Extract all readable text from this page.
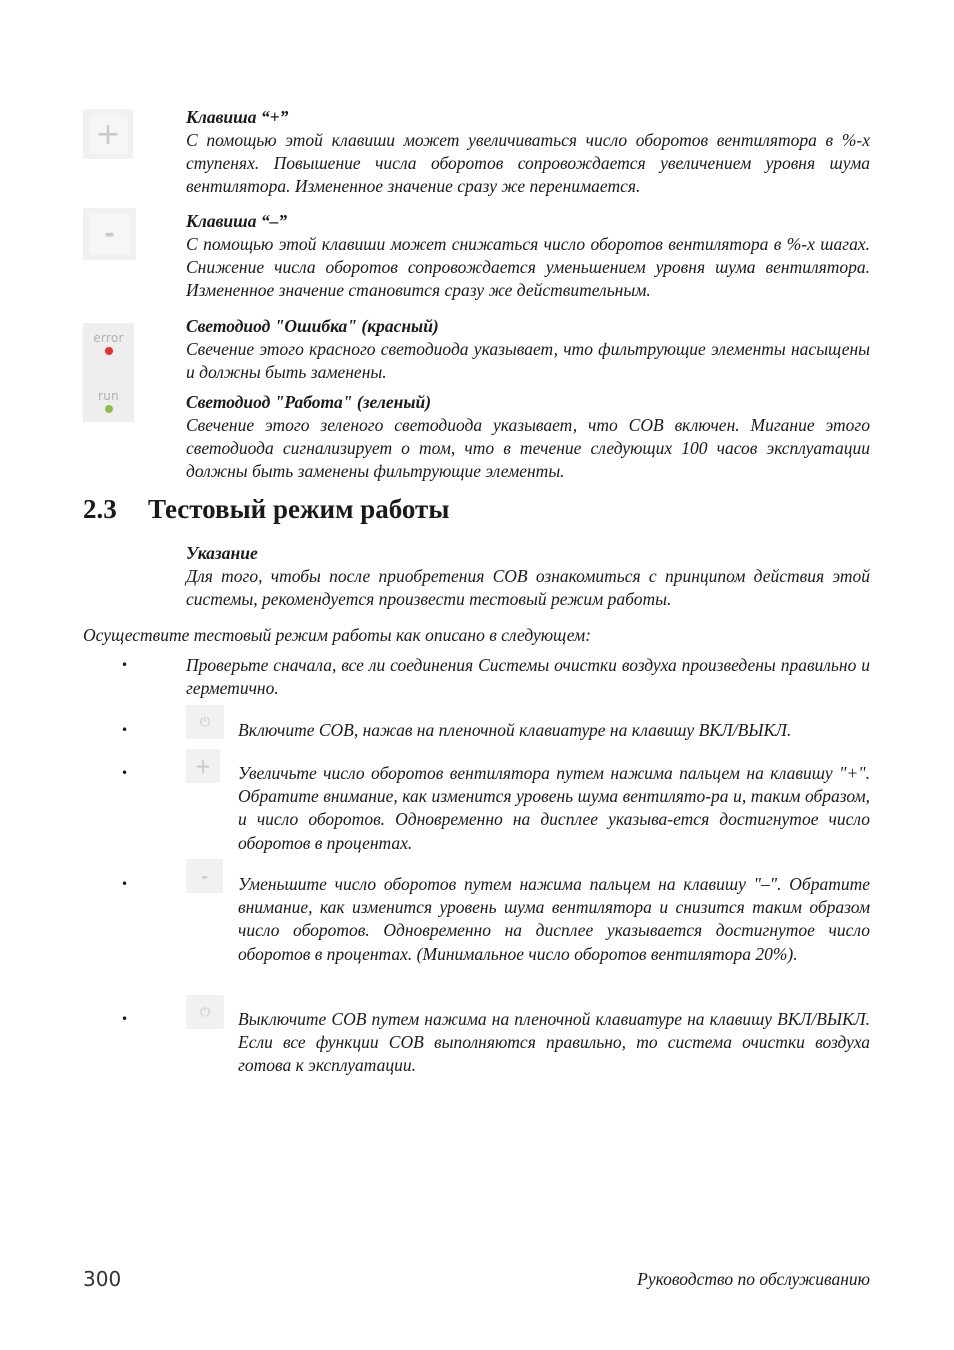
+	Клавиша “+”

С помощью этой клавиши может увеличиваться число оборотов вентилятора в %-х ступенях. Повышение числа оборотов сопровождается увеличением уровня шума вентилятора. Измененное значение сразу же перенимается.

-	Клавиша “–”

С помощью этой клавиши может снижаться число оборотов вентилятора в %-х шагах. Снижение числа оборотов сопровождается уменьшением уровня шума вентилятора. Измененное значение становится сразу же действительным.

error
run
Светодиод "Ошибка" (красный)

Свечение этого красного светодиода указывает, что фильтрующие элементы насыщены и должны быть заменены.

Светодиод "Работа" (зеленый)

Свечение этого зеленого светодиода указывает, что СОВ включен. Мигание этого светодиода сигнализирует о том, что в течение следующих 100 часов эксплуатации должны быть заменены фильтрующие элементы.

2.3 Тестовый режим работы
Указание

Для того, чтобы после приобретения СОВ ознакомиться с принципом действия этой системы, рекомендуется произвести тестовый режим работы.

Осуществите тестовый режим работы как описано в следующем:
•	Проверьте сначала, все ли соединения Системы очистки воздуха произведены правильно и герметично.

•
⏻ Включите СОВ, нажав на пленочной клавиатуре на клавишу ВКЛ/ВЫКЛ.

•	+ Увеличьте число оборотов вентилятора путем нажима пальцем на клавишу "+". Обратите внимание, как изменится уровень шума вентилято-ра и, таким образом, и число оборотов. Одновременно на дисплее указыва-ется достигнутое число оборотов в процентах.

•	- Уменьшите число оборотов путем нажима пальцем на клавишу "–". Обратите внимание, как изменится уровень шума вентилятора и снизится таким образом число оборотов. Одновременно на дисплее указывается достигнутое число оборотов в процентах. (Минимальное число оборотов вентилятора 20%).

•	⏻ Выключите СОВ путем нажима на пленочной клавиатуре на клавишу ВКЛ/ВЫКЛ. Если все функции СОВ выполняются правильно, то система очистки воздуха готова к эксплуатации.

300	Руководство по обслуживанию
